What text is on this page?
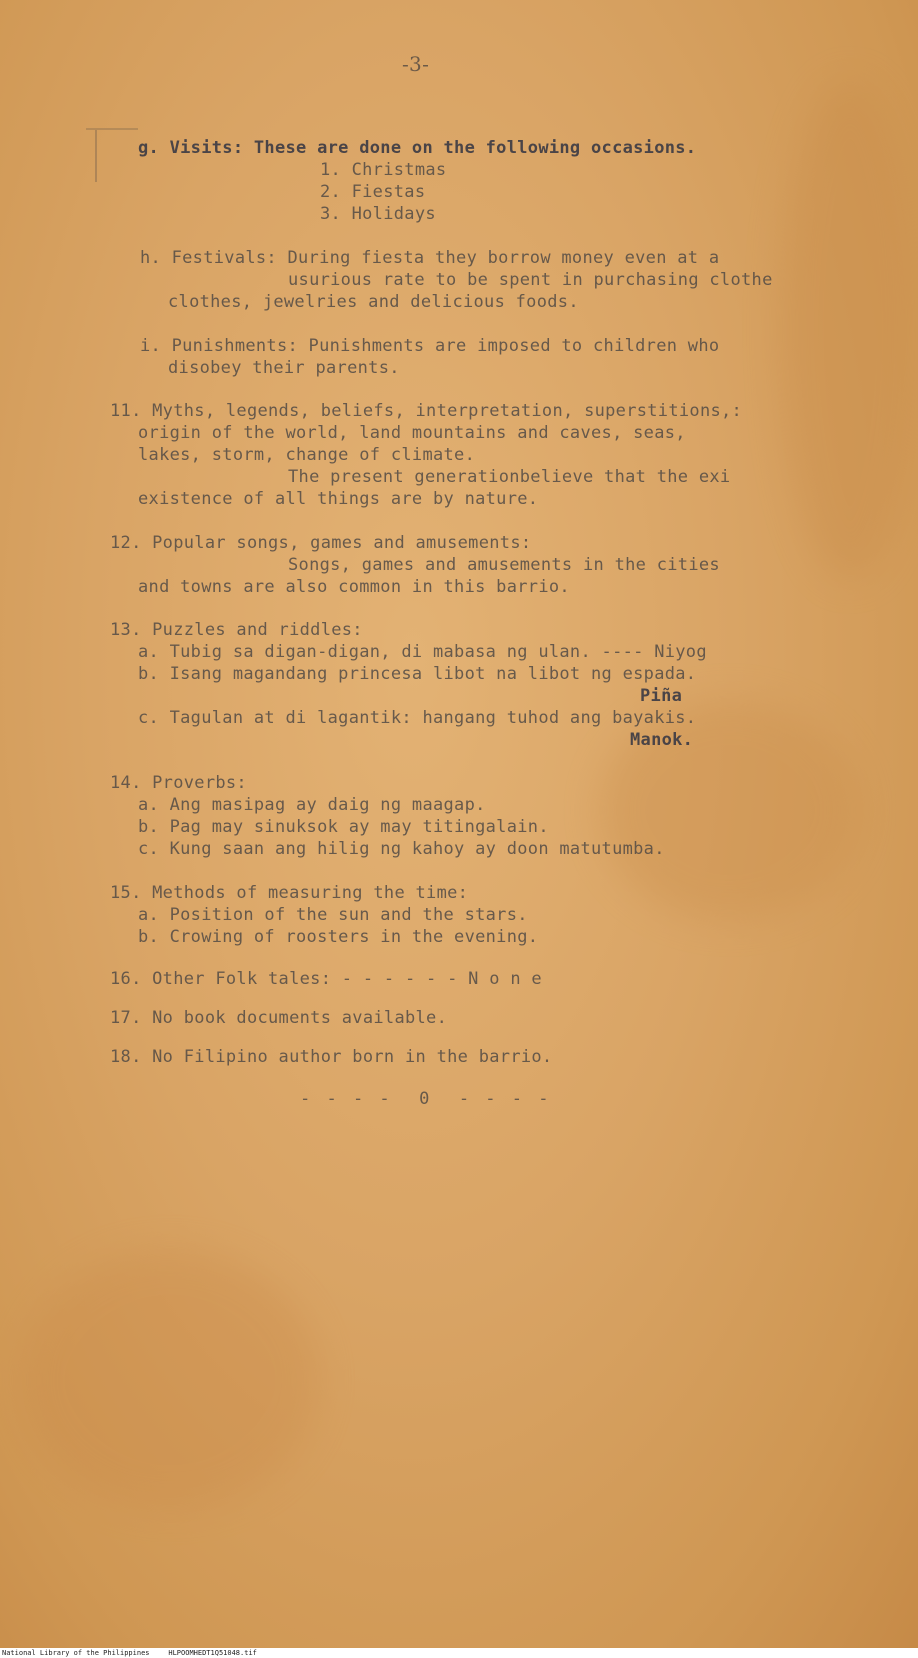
-3-

g. Visits: These are done on the following occasions.

1. Christmas

2. Fiestas

3. Holidays

h. Festivals: During fiesta they borrow money even at a

usurious rate to be spent in purchasing clothe

clothes, jewelries and delicious foods.

i. Punishments: Punishments are imposed to children who

disobey their parents.

11. Myths, legends, beliefs, interpretation, superstitions,:

origin of the world, land mountains and caves, seas,

lakes, storm, change of climate.

The present generationbelieve that the exi

existence of all things are by nature.

12. Popular songs, games and amusements:

Songs, games and amusements in the cities

and towns are also common in this barrio.

13. Puzzles and riddles:

a. Tubig sa digan-digan, di mabasa ng ulan. ---- Niyog

b. Isang magandang princesa libot na libot ng espada.

Piña

c. Tagulan at di lagantik: hangang tuhod ang bayakis.

Manok.

14. Proverbs:

a. Ang masipag ay daig ng maagap.

b. Pag may sinuksok ay may titingalain.

c. Kung saan ang hilig ng kahoy ay doon matutumba.

15. Methods of measuring the time:

a. Position of the sun and the stars.

b. Crowing of roosters in the evening.

16. Other Folk tales: - - - - - - N o n e

17. No book documents available.

18. No Filipino author born in the barrio.

- - - -  0  - - - -

National Library of the Philippines	HLPOOMHEDT1Q51048.tif
